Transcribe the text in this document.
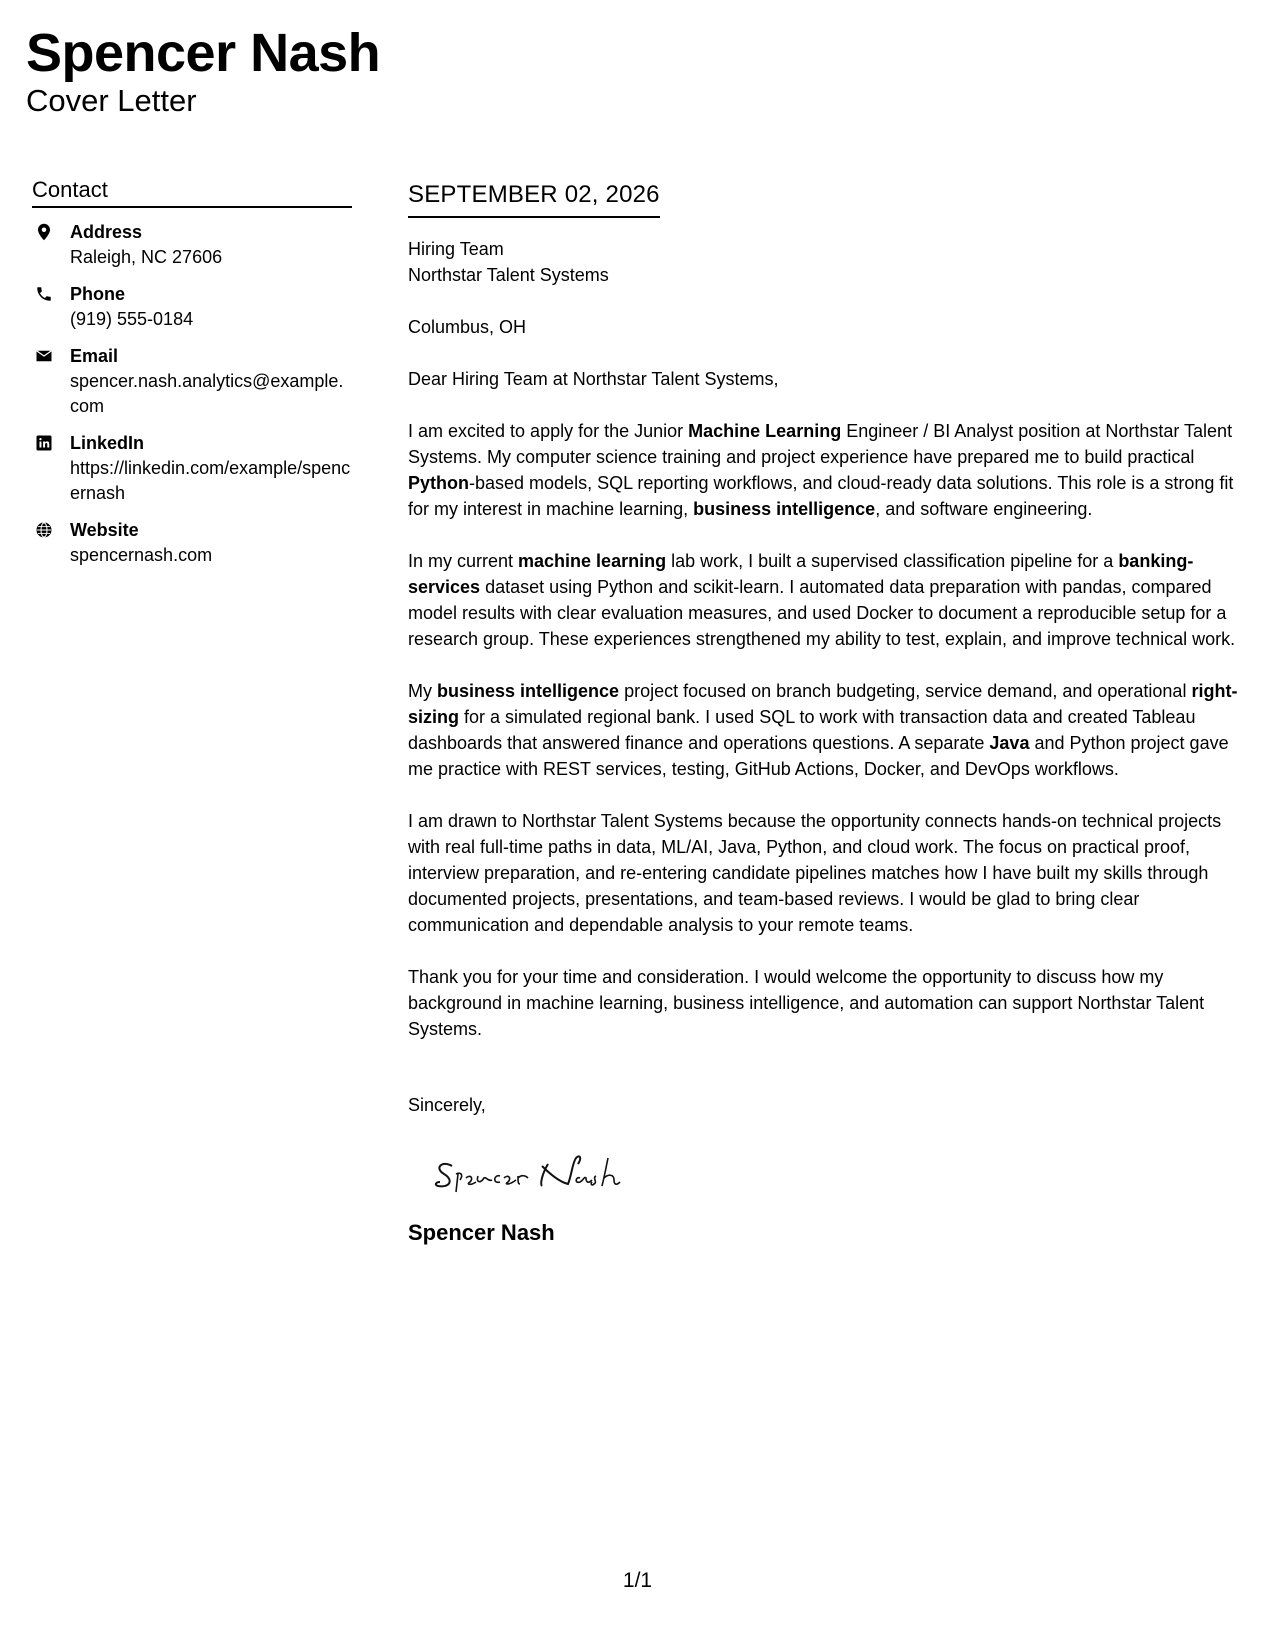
Spencer Nash
Cover Letter
Contact
Address
Raleigh, NC 27606
Phone
(919) 555-0184
Email
spencer.nash.analytics@example.com
LinkedIn
https://linkedin.com/example/spencernash
Website
spencernash.com
SEPTEMBER 02, 2026
Hiring Team
Northstar Talent Systems
Columbus, OH
Dear Hiring Team at Northstar Talent Systems,
I am excited to apply for the Junior Machine Learning Engineer / BI Analyst position at Northstar Talent Systems. My computer science training and project experience have prepared me to build practical Python-based models, SQL reporting workflows, and cloud-ready data solutions. This role is a strong fit for my interest in machine learning, business intelligence, and software engineering.
In my current machine learning lab work, I built a supervised classification pipeline for a banking-services dataset using Python and scikit-learn. I automated data preparation with pandas, compared model results with clear evaluation measures, and used Docker to document a reproducible setup for a research group. These experiences strengthened my ability to test, explain, and improve technical work.
My business intelligence project focused on branch budgeting, service demand, and operational right-sizing for a simulated regional bank. I used SQL to work with transaction data and created Tableau dashboards that answered finance and operations questions. A separate Java and Python project gave me practice with REST services, testing, GitHub Actions, Docker, and DevOps workflows.
I am drawn to Northstar Talent Systems because the opportunity connects hands-on technical projects with real full-time paths in data, ML/AI, Java, Python, and cloud work. The focus on practical proof, interview preparation, and re-entering candidate pipelines matches how I have built my skills through documented projects, presentations, and team-based reviews. I would be glad to bring clear communication and dependable analysis to your remote teams.
Thank you for your time and consideration. I would welcome the opportunity to discuss how my background in machine learning, business intelligence, and automation can support Northstar Talent Systems.
Sincerely,
Spencer Nash
1/1
